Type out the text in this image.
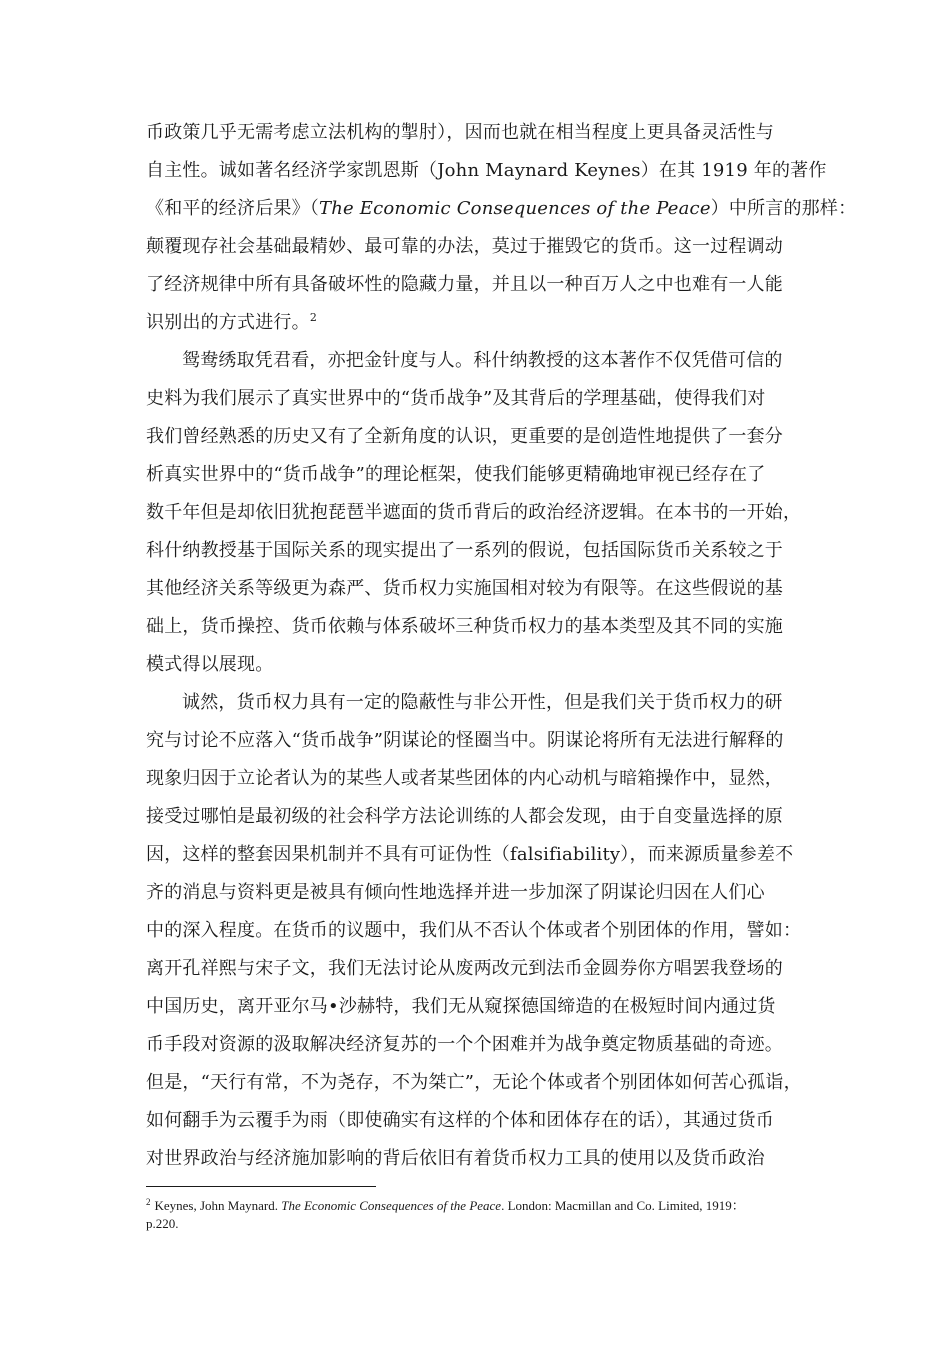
币政策几乎无需考虑立法机构的掣肘），因而也就在相当程度上更具备灵活性与

自主性。诚如著名经济学家凯恩斯（John Maynard Keynes）在其 1919 年的著作

《和平的经济后果》（The Economic Consequences of the Peace）中所言的那样：

颠覆现存社会基础最精妙、最可靠的办法，莫过于摧毁它的货币。这一过程调动

了经济规律中所有具备破坏性的隐藏力量，并且以一种百万人之中也难有一人能

识别出的方式进行。$^2$

鸳鸯绣取凭君看，亦把金针度与人。科什纳教授的这本著作不仅凭借可信的

史料为我们展示了真实世界中的“货币战争”及其背后的学理基础，使得我们对

我们曾经熟悉的历史又有了全新角度的认识，更重要的是创造性地提供了一套分

析真实世界中的“货币战争”的理论框架，使我们能够更精确地审视已经存在了

数千年但是却依旧犹抱琵琶半遮面的货币背后的政治经济逻辑。在本书的一开始，

科什纳教授基于国际关系的现实提出了一系列的假说，包括国际货币关系较之于

其他经济关系等级更为森严、货币权力实施国相对较为有限等。在这些假说的基

础上，货币操控、货币依赖与体系破坏三种货币权力的基本类型及其不同的实施

模式得以展现。

诚然，货币权力具有一定的隐蔽性与非公开性，但是我们关于货币权力的研

究与讨论不应落入“货币战争”阴谋论的怪圈当中。阴谋论将所有无法进行解释的

现象归因于立论者认为的某些人或者某些团体的内心动机与暗箱操作中，显然，

接受过哪怕是最初级的社会科学方法论训练的人都会发现，由于自变量选择的原

因，这样的整套因果机制并不具有可证伪性（falsifiability），而来源质量参差不

齐的消息与资料更是被具有倾向性地选择并进一步加深了阴谋论归因在人们心

中的深入程度。在货币的议题中，我们从不否认个体或者个别团体的作用，譬如：

离开孔祥熙与宋子文，我们无法讨论从废两改元到法币金圆券你方唱罢我登场的

中国历史，离开亚尔马•沙赫特，我们无从窥探德国缔造的在极短时间内通过货

币手段对资源的汲取解决经济复苏的一个个困难并为战争奠定物质基础的奇迹。

但是，“天行有常，不为尧存，不为桀亡”，无论个体或者个别团体如何苦心孤诣，

如何翻手为云覆手为雨（即使确实有这样的个体和团体存在的话），其通过货币

对世界政治与经济施加影响的背后依旧有着货币权力工具的使用以及货币政治

$^2$ Keynes, John Maynard. The Economic Consequences of the Peace. London: Macmillan and Co. Limited, 1919：

p.220.
